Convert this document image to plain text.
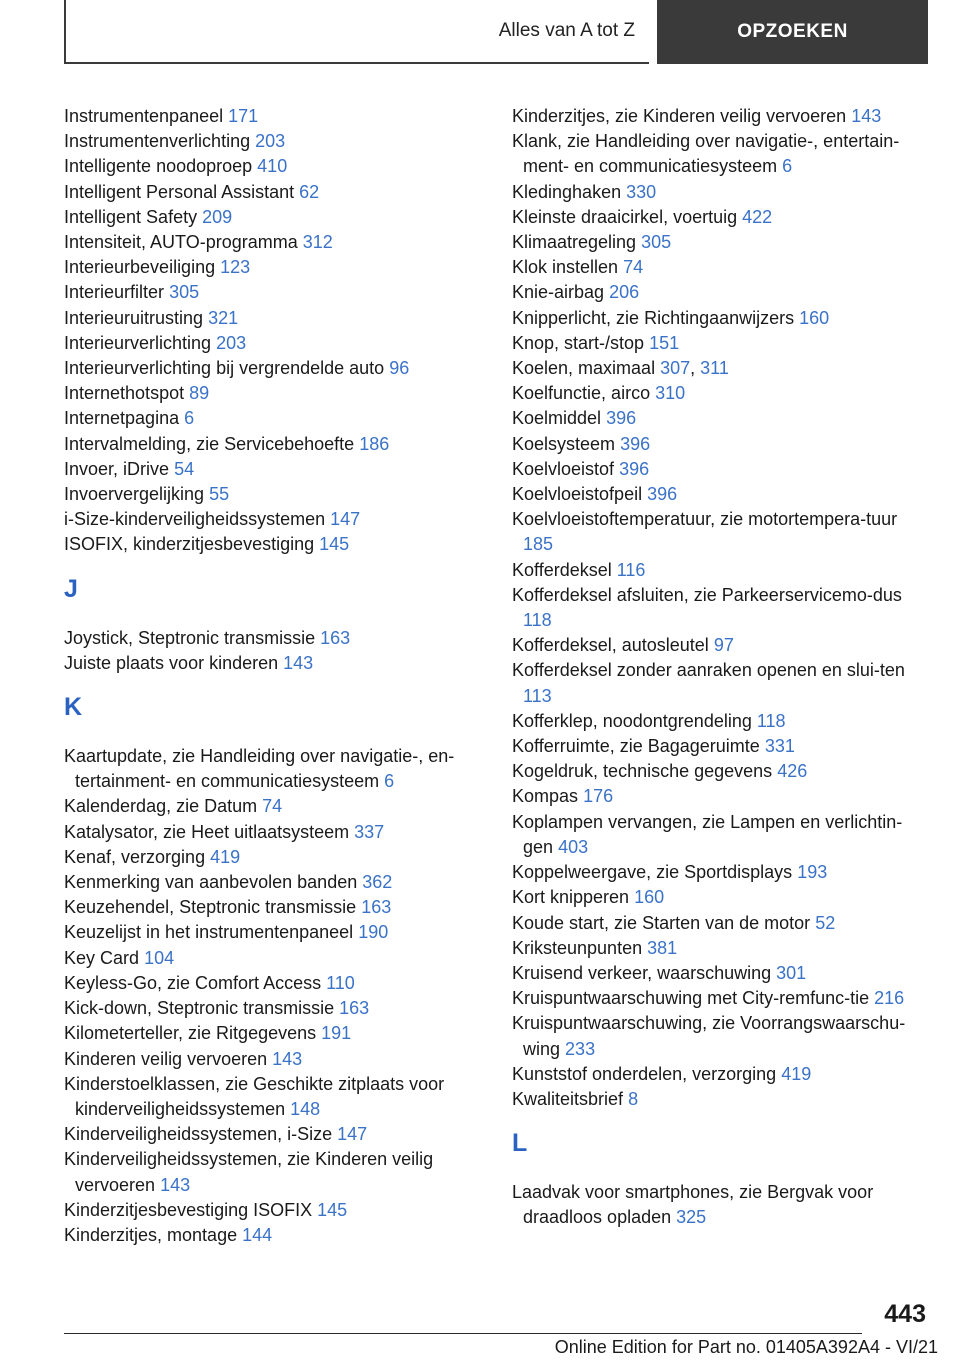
Alles van A tot Z	OPZOEKEN
Instrumentenpaneel 171
Instrumentenverlichting 203
Intelligente noodoproep 410
Intelligent Personal Assistant 62
Intelligent Safety 209
Intensiteit, AUTO-programma 312
Interieurbeveiliging 123
Interieurfilter 305
Interieuruitrusting 321
Interieurverlichting 203
Interieurverlichting bij vergrendelde auto 96
Internethotspot 89
Internetpagina 6
Intervalmelding, zie Servicebehoefte 186
Invoer, iDrive 54
Invoervergelijking 55
i-Size-kinderveiligheidssystemen 147
ISOFIX, kinderzitjesbevestiging 145
J
Joystick, Steptronic transmissie 163
Juiste plaats voor kinderen 143
K
Kaartupdate, zie Handleiding over navigatie-, en-tertainment- en communicatiesysteem 6
Kalenderdag, zie Datum 74
Katalysator, zie Heet uitlaatsysteem 337
Kenaf, verzorging 419
Kenmerking van aanbevolen banden 362
Keuzehendel, Steptronic transmissie 163
Keuzelijst in het instrumentenpaneel 190
Key Card 104
Keyless-Go, zie Comfort Access 110
Kick-down, Steptronic transmissie 163
Kilometerteller, zie Ritgegevens 191
Kinderen veilig vervoeren 143
Kinderstoelklassen, zie Geschikte zitplaats voor kinderveiligheidssystemen 148
Kinderveiligheidssystemen, i-Size 147
Kinderveiligheidssystemen, zie Kinderen veilig vervoeren 143
Kinderzitjesbevestiging ISOFIX 145
Kinderzitjes, montage 144
Kinderzitjes, zie Kinderen veilig vervoeren 143
Klank, zie Handleiding over navigatie-, entertain-ment- en communicatiesysteem 6
Kledinghaken 330
Kleinste draaicirkel, voertuig 422
Klimaatregeling 305
Klok instellen 74
Knie-airbag 206
Knipperlicht, zie Richtingaanwijzers 160
Knop, start-/stop 151
Koelen, maximaal 307, 311
Koelfunctie, airco 310
Koelmiddel 396
Koelsysteem 396
Koelvloeistof 396
Koelvloeistofpeil 396
Koelvloeistoftemperatuur, zie motortempera-tuur 185
Kofferdeksel 116
Kofferdeksel afsluiten, zie Parkeerservicemo-dus 118
Kofferdeksel, autosleutel 97
Kofferdeksel zonder aanraken openen en slui-ten 113
Kofferklep, noodontgrendeling 118
Kofferruimte, zie Bagageruimte 331
Kogeldruk, technische gegevens 426
Kompas 176
Koplampen vervangen, zie Lampen en verlichtin-gen 403
Koppelweergave, zie Sportdisplays 193
Kort knipperen 160
Koude start, zie Starten van de motor 52
Kriksteunpunten 381
Kruisend verkeer, waarschuwing 301
Kruispuntwaarschuwing met City-remfunc-tie 216
Kruispuntwaarschuwing, zie Voorrangswaarschu-wing 233
Kunststof onderdelen, verzorging 419
Kwaliteitsbrief 8
L
Laadvak voor smartphones, zie Bergvak voor draadloos opladen 325
443
Online Edition for Part no. 01405A392A4 - VI/21
